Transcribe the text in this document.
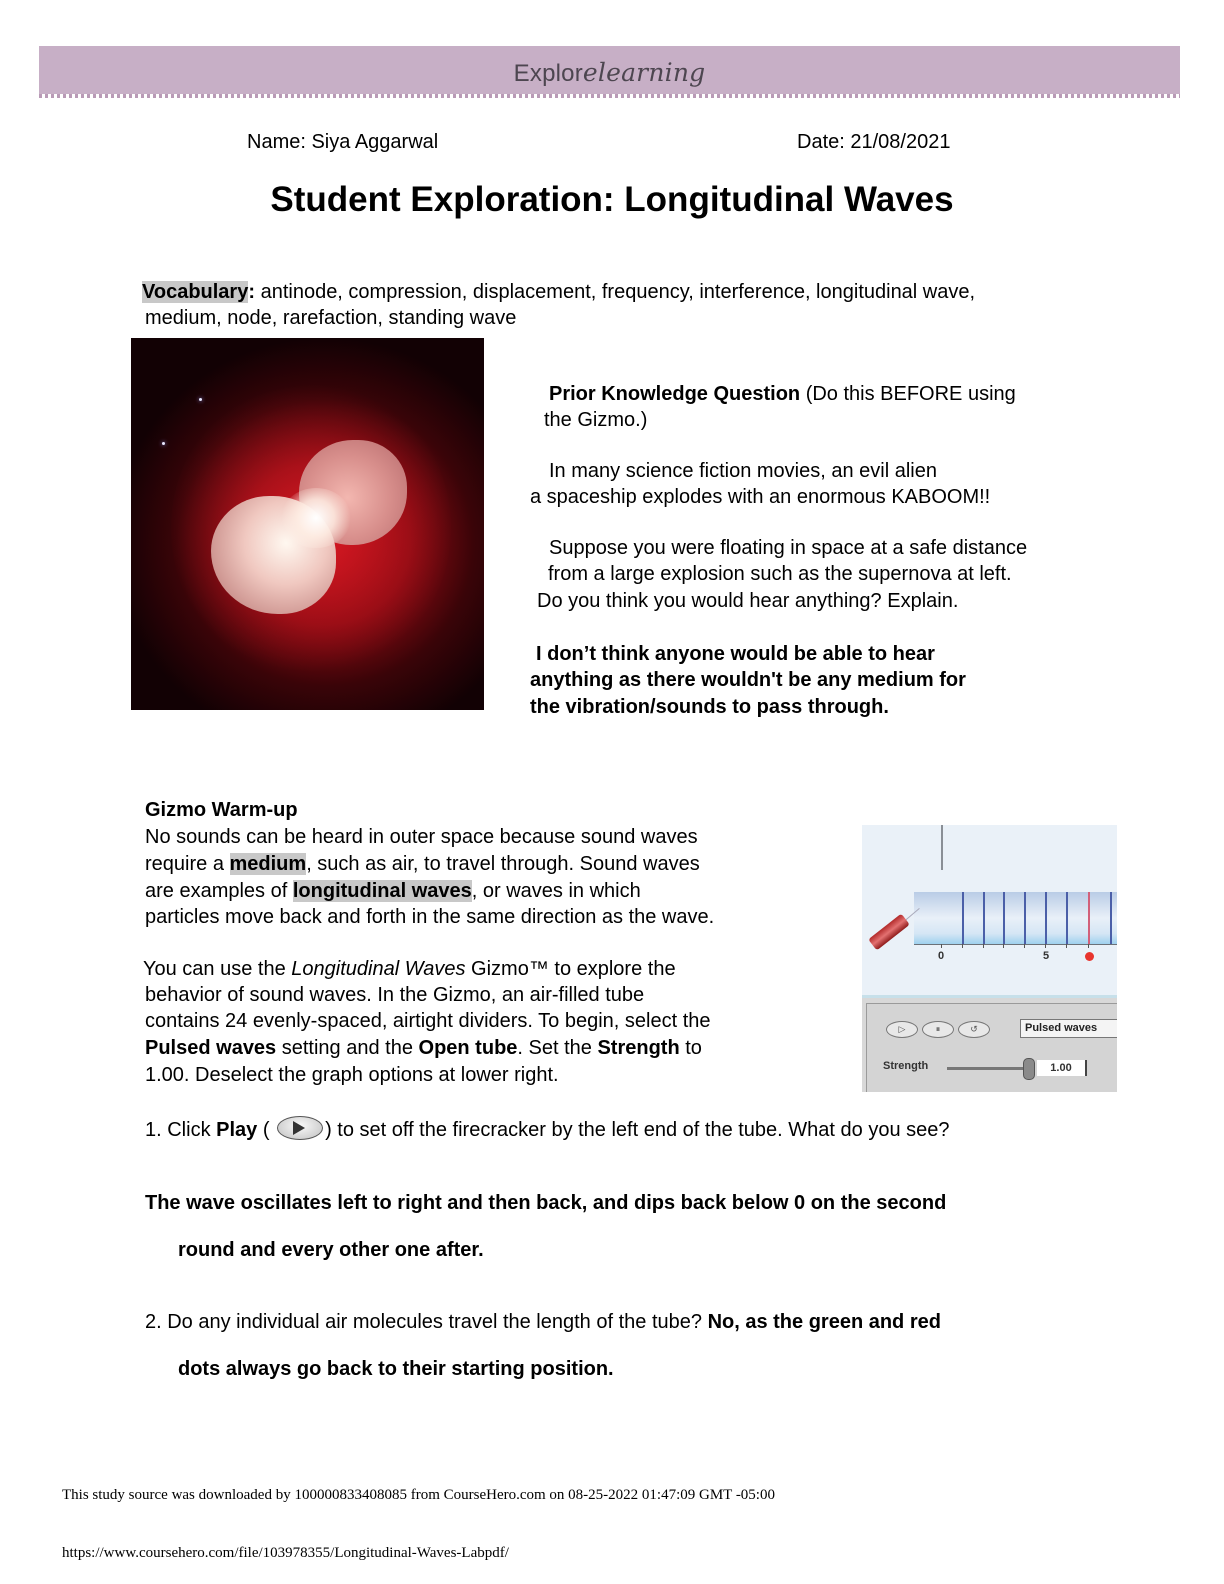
Explorelearning
Name: Siya Aggarwal	Date: 21/08/2021
Student Exploration: Longitudinal Waves
Vocabulary: antinode, compression, displacement, frequency, interference, longitudinal wave,
medium, node, rarefaction, standing wave
Prior Knowledge Question (Do this BEFORE using
the Gizmo.)
In many science fiction movies, an evil alien
a spaceship explodes with an enormous KABOOM!!
Suppose you were floating in space at a safe distance
from a large explosion such as the supernova at left.
Do you think you would hear anything? Explain.
I don’t think anyone would be able to hear
anything as there wouldn't be any medium for
the vibration/sounds to pass through.
Gizmo Warm-up
No sounds can be heard in outer space because sound waves
require a medium, such as air, to travel through. Sound waves
are examples of longitudinal waves, or waves in which
particles move back and forth in the same direction as the wave.
You can use the Longitudinal Waves Gizmo™ to explore the
behavior of sound waves. In the Gizmo, an air-filled tube
contains 24 evenly-spaced, airtight dividers. To begin, select the
Pulsed waves setting and the Open tube. Set the Strength to
1.00. Deselect the graph options at lower right.
0	5
▷	⏸	↺	Pulsed waves
Strength	1.00
1. Click Play (	) to set off the firecracker by the left end of the tube. What do you see?
The wave oscillates left to right and then back, and dips back below 0 on the second
round and every other one after.
2. Do any individual air molecules travel the length of the tube? No, as the green and red
dots always go back to their starting position.
This study source was downloaded by 100000833408085 from CourseHero.com on 08-25-2022 01:47:09 GMT -05:00
https://www.coursehero.com/file/103978355/Longitudinal-Waves-Labpdf/
